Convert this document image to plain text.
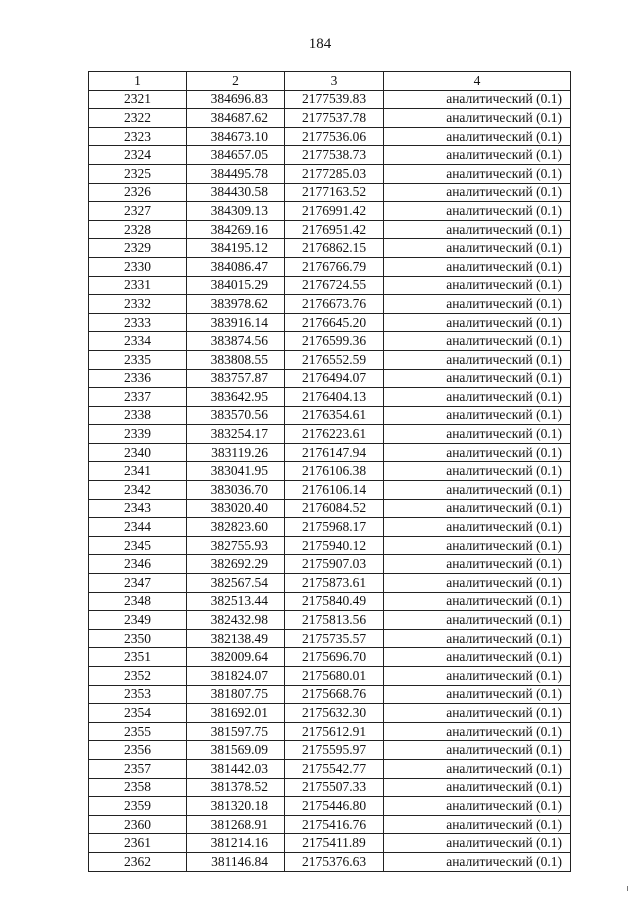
184
1	2	3	4
2321	384696.83	2177539.83	аналитический (0.1)
2322	384687.62	2177537.78	аналитический (0.1)
2323	384673.10	2177536.06	аналитический (0.1)
2324	384657.05	2177538.73	аналитический (0.1)
2325	384495.78	2177285.03	аналитический (0.1)
2326	384430.58	2177163.52	аналитический (0.1)
2327	384309.13	2176991.42	аналитический (0.1)
2328	384269.16	2176951.42	аналитический (0.1)
2329	384195.12	2176862.15	аналитический (0.1)
2330	384086.47	2176766.79	аналитический (0.1)
2331	384015.29	2176724.55	аналитический (0.1)
2332	383978.62	2176673.76	аналитический (0.1)
2333	383916.14	2176645.20	аналитический (0.1)
2334	383874.56	2176599.36	аналитический (0.1)
2335	383808.55	2176552.59	аналитический (0.1)
2336	383757.87	2176494.07	аналитический (0.1)
2337	383642.95	2176404.13	аналитический (0.1)
2338	383570.56	2176354.61	аналитический (0.1)
2339	383254.17	2176223.61	аналитический (0.1)
2340	383119.26	2176147.94	аналитический (0.1)
2341	383041.95	2176106.38	аналитический (0.1)
2342	383036.70	2176106.14	аналитический (0.1)
2343	383020.40	2176084.52	аналитический (0.1)
2344	382823.60	2175968.17	аналитический (0.1)
2345	382755.93	2175940.12	аналитический (0.1)
2346	382692.29	2175907.03	аналитический (0.1)
2347	382567.54	2175873.61	аналитический (0.1)
2348	382513.44	2175840.49	аналитический (0.1)
2349	382432.98	2175813.56	аналитический (0.1)
2350	382138.49	2175735.57	аналитический (0.1)
2351	382009.64	2175696.70	аналитический (0.1)
2352	381824.07	2175680.01	аналитический (0.1)
2353	381807.75	2175668.76	аналитический (0.1)
2354	381692.01	2175632.30	аналитический (0.1)
2355	381597.75	2175612.91	аналитический (0.1)
2356	381569.09	2175595.97	аналитический (0.1)
2357	381442.03	2175542.77	аналитический (0.1)
2358	381378.52	2175507.33	аналитический (0.1)
2359	381320.18	2175446.80	аналитический (0.1)
2360	381268.91	2175416.76	аналитический (0.1)
2361	381214.16	2175411.89	аналитический (0.1)
2362	381146.84	2175376.63	аналитический (0.1)
